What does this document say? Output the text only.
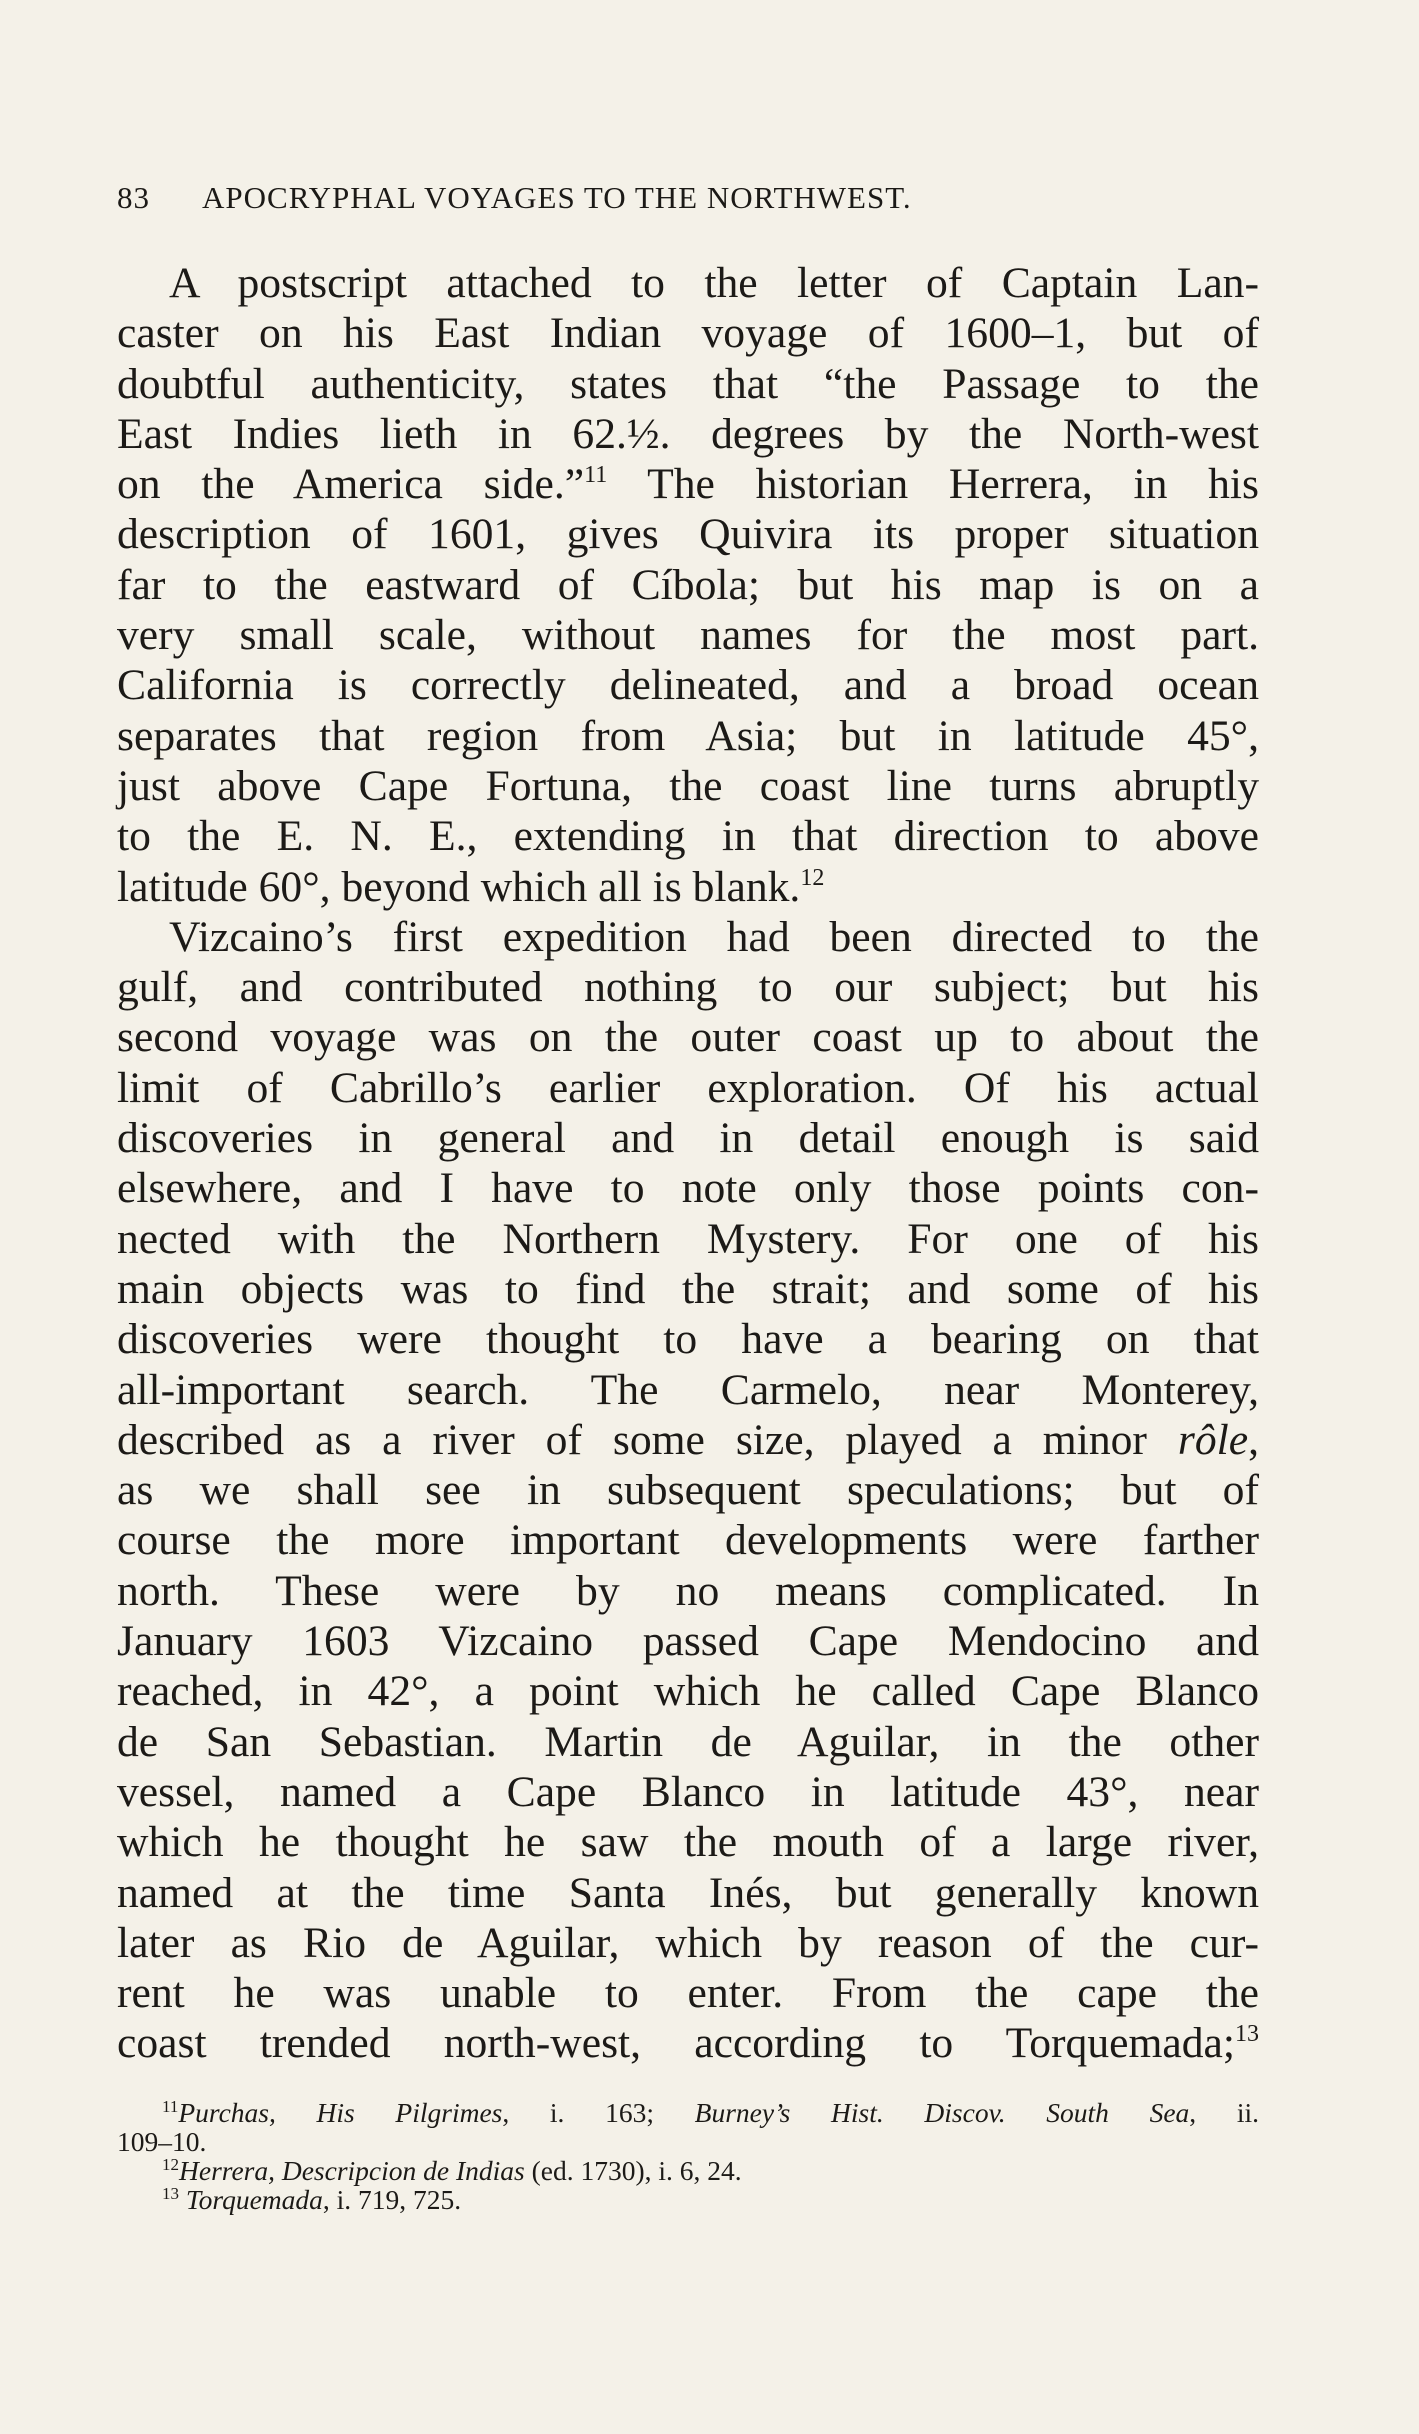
83 APOCRYPHAL VOYAGES TO THE NORTHWEST.
A postscript attached to the letter of Captain Lan-
caster on his East Indian voyage of 1600–1, but of
doubtful authenticity, states that “the Passage to the
East Indies lieth in 62.½. degrees by the North-west
on the America side.”$^{11}$ The historian Herrera, in his
description of 1601, gives Quivira its proper situation
far to the eastward of Cíbola; but his map is on a
very small scale, without names for the most part.
California is correctly delineated, and a broad ocean
separates that region from Asia; but in latitude 45°,
just above Cape Fortuna, the coast line turns abruptly
to the E. N. E., extending in that direction to above
latitude 60°, beyond which all is blank.$^{12}$
Vizcaino’s first expedition had been directed to the
gulf, and contributed nothing to our subject; but his
second voyage was on the outer coast up to about the
limit of Cabrillo’s earlier exploration. Of his actual
discoveries in general and in detail enough is said
elsewhere, and I have to note only those points con-
nected with the Northern Mystery. For one of his
main objects was to find the strait; and some of his
discoveries were thought to have a bearing on that
all-important search. The Carmelo, near Monterey,
described as a river of some size, played a minor rôle,
as we shall see in subsequent speculations; but of
course the more important developments were farther
north. These were by no means complicated. In
January 1603 Vizcaino passed Cape Mendocino and
reached, in 42°, a point which he called Cape Blanco
de San Sebastian. Martin de Aguilar, in the other
vessel, named a Cape Blanco in latitude 43°, near
which he thought he saw the mouth of a large river,
named at the time Santa Inés, but generally known
later as Rio de Aguilar, which by reason of the cur-
rent he was unable to enter. From the cape the
coast trended north-west, according to Torquemada;$^{13}$
$^{11}$Purchas, His Pilgrimes, i. 163; Burney’s Hist. Discov. South Sea, ii.
109–10.
$^{12}$Herrera, Descripcion de Indias (ed. 1730), i. 6, 24.
$^{13}$ Torquemada, i. 719, 725.
